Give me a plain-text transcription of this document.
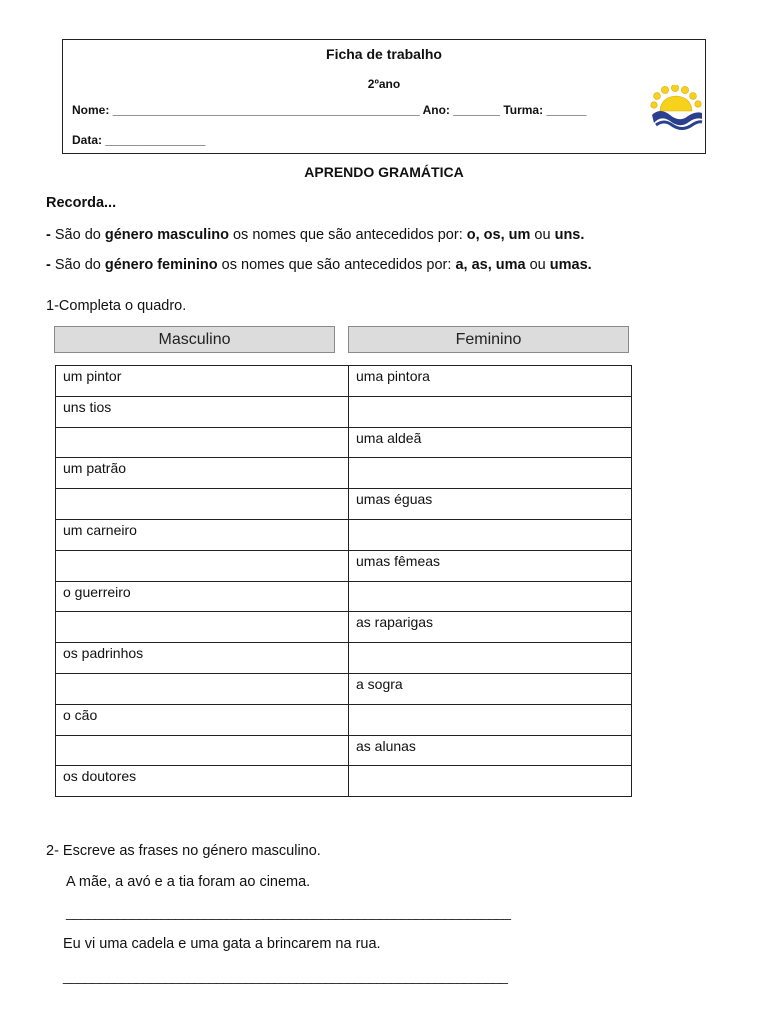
Ficha de trabalho
2ºano
Nome: ______________________________________________ Ano: _______ Turma: ______
Data: _______________
APRENDO GRAMÁTICA
Recorda...
- São do género masculino os nomes que são antecedidos por: o, os, um ou uns.
- São do género feminino os nomes que são antecedidos por: a, as, uma ou umas.
1-Completa o quadro.
Masculino	Feminino
um pintor	uma pintora
uns tios	
	uma aldeã
um patrão	
	umas éguas
um carneiro	
	umas fêmeas
o guerreiro	
	as raparigas
os padrinhos	
	a sogra
o cão	
	as alunas
os doutores	
2- Escreve as frases no género masculino.
A mãe, a avó e a tia foram ao cinema.
_____________________________________________________________
Eu vi uma cadela e uma gata a brincarem na rua.
_____________________________________________________________
